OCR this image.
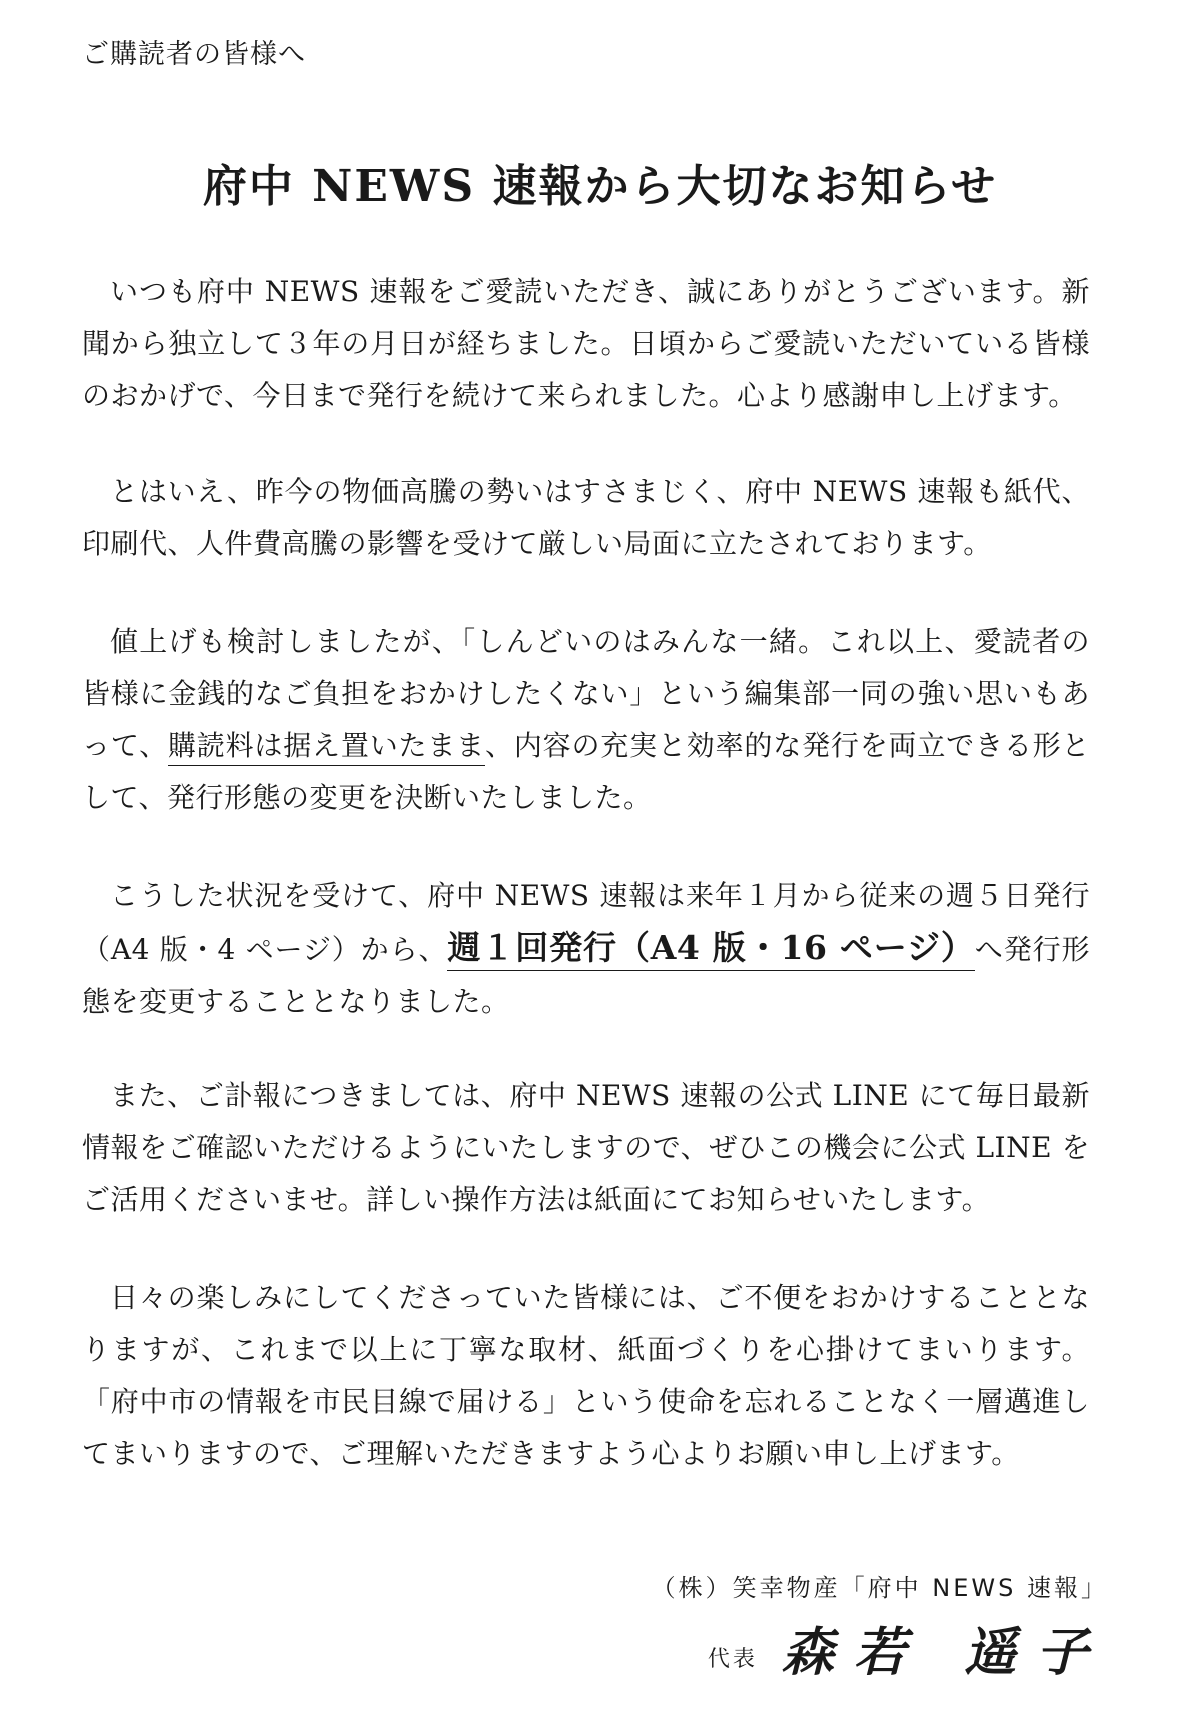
ご購読者の皆様へ

府中 NEWS 速報から大切なお知らせ

いつも府中 NEWS 速報をご愛読いただき、誠にありがとうございます。新聞から独立して３年の月日が経ちました。日頃からご愛読いただいている皆様のおかげで、今日まで発行を続けて来られました。心より感謝申し上げます。

とはいえ、昨今の物価高騰の勢いはすさまじく、府中 NEWS 速報も紙代、印刷代、人件費高騰の影響を受けて厳しい局面に立たされております。

値上げも検討しましたが、「しんどいのはみんな一緒。これ以上、愛読者の皆様に金銭的なご負担をおかけしたくない」という編集部一同の強い思いもあって、購読料は据え置いたまま、内容の充実と効率的な発行を両立できる形として、発行形態の変更を決断いたしました。

こうした状況を受けて、府中 NEWS 速報は来年１月から従来の週５日発行（A4 版・4 ページ）から、週１回発行（A4 版・16 ページ）へ発行形態を変更することとなりました。

また、ご訃報につきましては、府中 NEWS 速報の公式 LINE にて毎日最新情報をご確認いただけるようにいたしますので、ぜひこの機会に公式 LINE をご活用くださいませ。詳しい操作方法は紙面にてお知らせいたします。

日々の楽しみにしてくださっていた皆様には、ご不便をおかけすることとなりますが、これまで以上に丁寧な取材、紙面づくりを心掛けてまいります。「府中市の情報を市民目線で届ける」という使命を忘れることなく一層邁進してまいりますので、ご理解いただきますよう心よりお願い申し上げます。

（株）笑幸物産「府中 NEWS 速報」

代表 森若 遥子
